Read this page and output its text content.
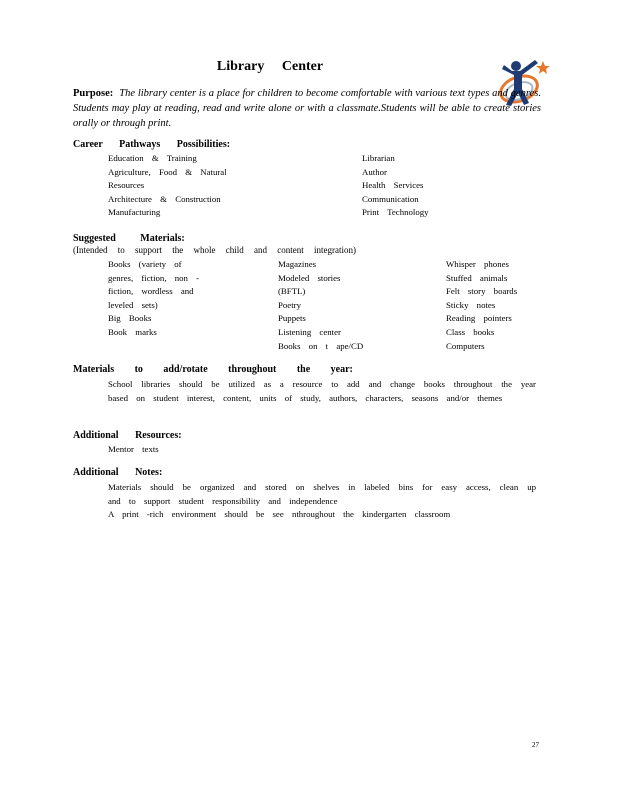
Library Center
Purpose: The library center is a place for children to become comfortable with various text types and genres. Students may play at reading, read and write alone or with a classmate.Students will be able to create stories orally or through print.
Career Pathways Possibilities:
Education & Training
Agriculture, Food & Natural Resources
Architecture & Construction
Manufacturing
Librarian
Author
Health Services
Communication
Print Technology
Suggested Materials:
(Intended to support the whole child and content integration)
Books (variety of genres, fiction, non -fiction, wordless and leveled sets)
Big Books
Book marks
Magazines
Modeled stories (BFTL)
Poetry
Puppets
Listening center
Books on t ape/CD
Whisper phones
Stuffed animals
Felt story boards
Sticky notes
Reading pointers
Class books
Computers
Materials to add/rotate throughout the year:
School libraries should be utilized as a resource to add and change books throughout the year based on student interest, content, units of study, authors, characters, seasons and/or themes
Additional Resources:
Mentor texts
Additional Notes:
Materials should be organized and stored on shelves in labeled bins for easy access, clean up and to support student responsibility and independence
A print -rich environment should be see nthroughout the kindergarten classroom
27
